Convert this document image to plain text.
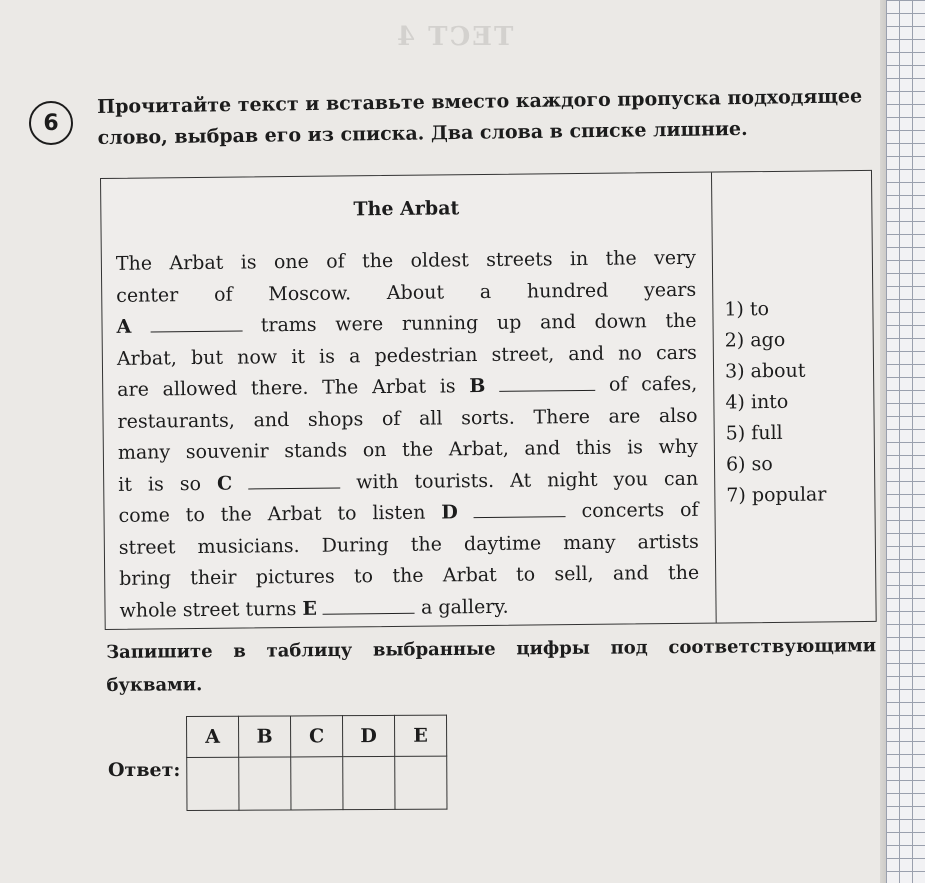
ТЕСТ 4
6
Прочитайте текст и вставьте вместо каждого пропуска подходящее слово, выбрав его из списка. Два слова в списке лишние.
The Arbat
The Arbat is one of the oldest streets in the very
center of Moscow. About a hundred years
A	trams were running up and down the
Arbat, but now it is a pedestrian street, and no cars
are allowed there. The Arbat is B	of cafes,
restaurants, and shops of all sorts. There are also
many souvenir stands on the Arbat, and this is why
it is so C	with tourists. At night you can
come to the Arbat to listen D	concerts of
street musicians. During the daytime many artists
bring their pictures to the Arbat to sell, and the
whole street turns E	a gallery.
1) to
2) ago
3) about
4) into
5) full
6) so
7) popular
Запишите в таблицу выбранные цифры под соответствующими
буквами.
Ответ:
A	B	C	D	E
